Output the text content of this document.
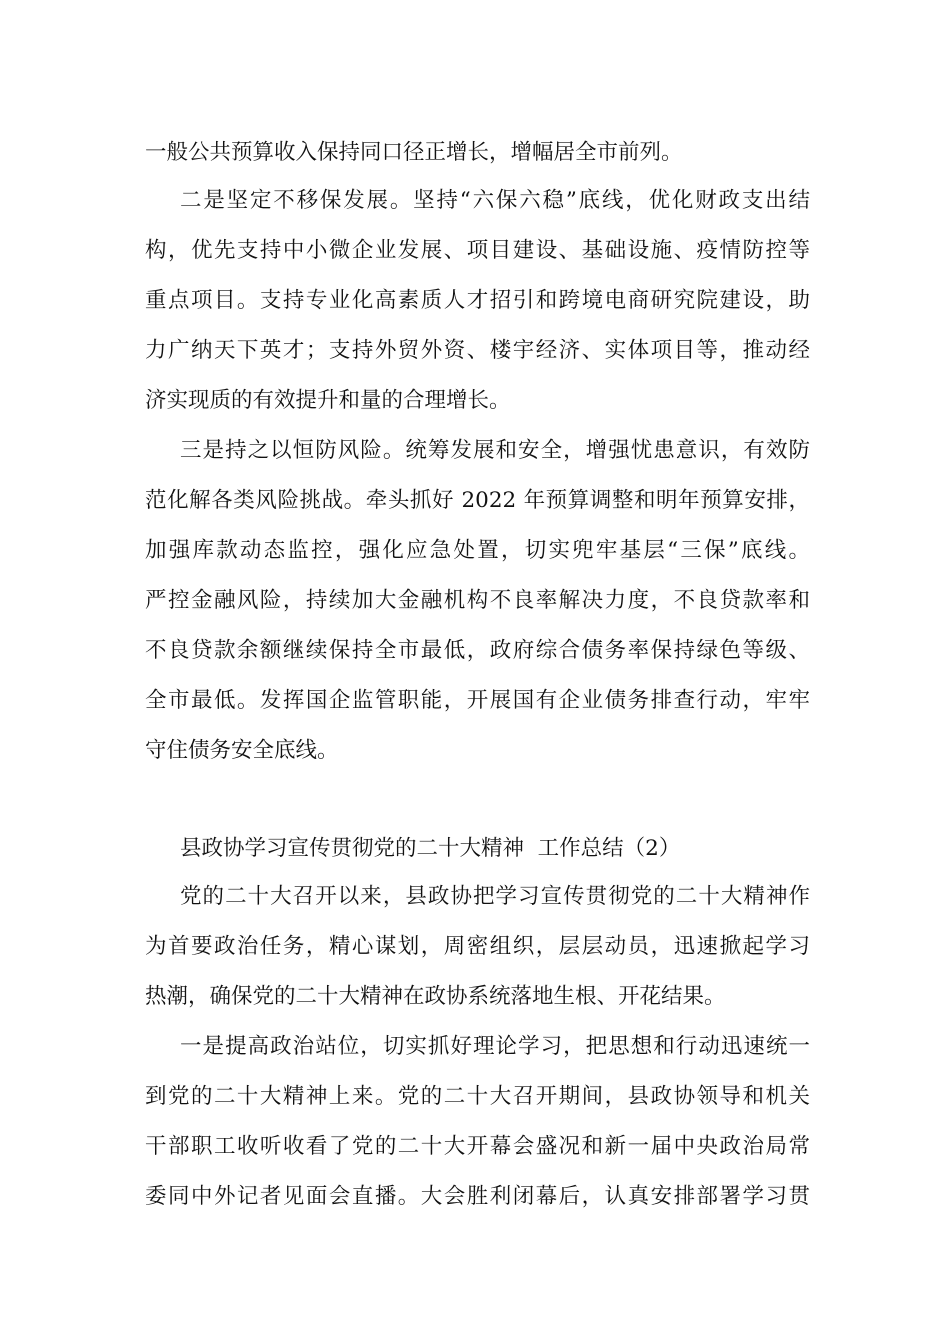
一般公共预算收入保持同口径正增长，增幅居全市前列。
二是坚定不移保发展。坚持“六保六稳”底线，优化财政支出结
构，优先支持中小微企业发展、项目建设、基础设施、疫情防控等
重点项目。支持专业化高素质人才招引和跨境电商研究院建设，助
力广纳天下英才；支持外贸外资、楼宇经济、实体项目等，推动经
济实现质的有效提升和量的合理增长。
三是持之以恒防风险。统筹发展和安全，增强忧患意识，有效防
范化解各类风险挑战。牵头抓好 2022 年预算调整和明年预算安排，
加强库款动态监控，强化应急处置，切实兜牢基层“三保”底线。
严控金融风险，持续加大金融机构不良率解决力度，不良贷款率和
不良贷款余额继续保持全市最低，政府综合债务率保持绿色等级、
全市最低。发挥国企监管职能，开展国有企业债务排查行动，牢牢
守住债务安全底线。
县政协学习宣传贯彻党的二十大精神  工作总结（2）
党的二十大召开以来，县政协把学习宣传贯彻党的二十大精神作
为首要政治任务，精心谋划，周密组织，层层动员，迅速掀起学习
热潮，确保党的二十大精神在政协系统落地生根、开花结果。
一是提高政治站位，切实抓好理论学习，把思想和行动迅速统一
到党的二十大精神上来。党的二十大召开期间，县政协领导和机关
干部职工收听收看了党的二十大开幕会盛况和新一届中央政治局常
委同中外记者见面会直播。大会胜利闭幕后，认真安排部署学习贯
